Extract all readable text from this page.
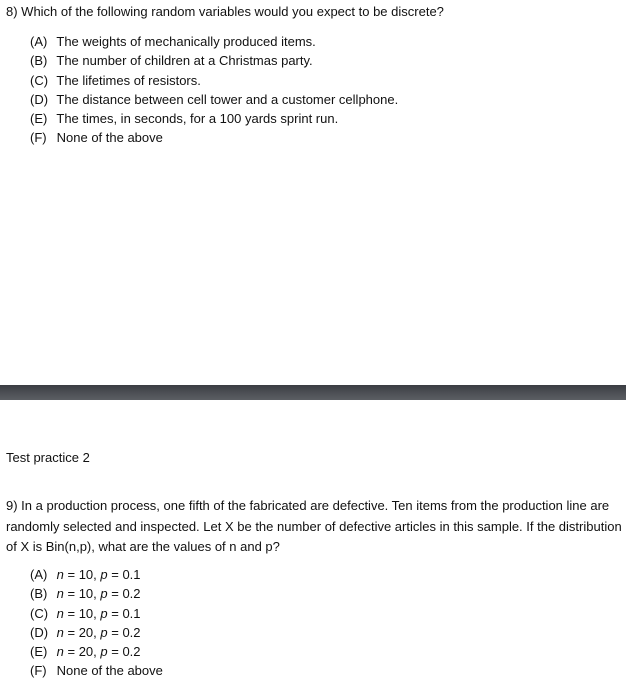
8) Which of the following random variables would you expect to be discrete?
(A) The weights of mechanically produced items.
(B) The number of children at a Christmas party.
(C) The lifetimes of resistors.
(D) The distance between cell tower and a customer cellphone.
(E) The times, in seconds, for a 100 yards sprint run.
(F) None of the above
Test practice 2
9) In a production process, one fifth of the fabricated are defective. Ten items from the production line are randomly selected and inspected. Let X be the number of defective articles in this sample. If the distribution of X is Bin(n,p), what are the values of n and p?
(A) n = 10, p = 0.1
(B) n = 10, p = 0.2
(C) n = 10, p = 0.1
(D) n = 20, p = 0.2
(E) n = 20, p = 0.2
(F) None of the above
